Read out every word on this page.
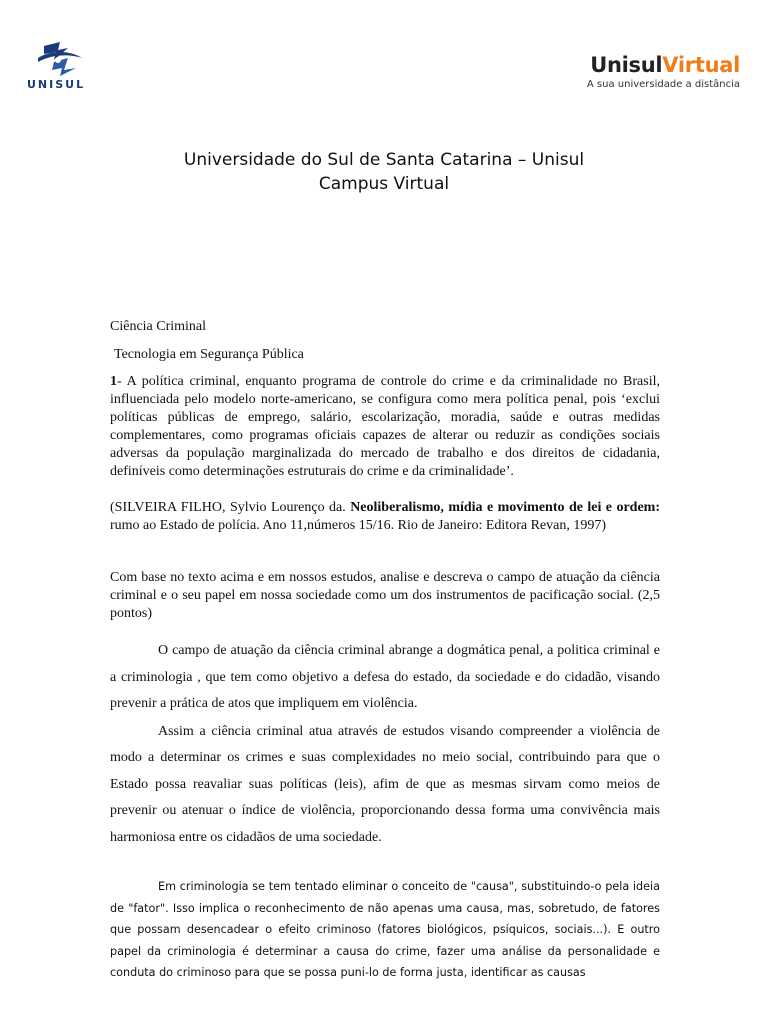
UNISUL
UnisulVirtual
A sua universidade a distância
Universidade do Sul de Santa Catarina – Unisul
Campus Virtual
Ciência Criminal
Tecnologia em Segurança Pública
1- A política criminal, enquanto programa de controle do crime e da criminalidade no Brasil, influenciada pelo modelo norte-americano, se configura como mera política penal, pois ‘exclui políticas públicas de emprego, salário, escolarização, moradia, saúde e outras medidas complementares, como programas oficiais capazes de alterar ou reduzir as condições sociais adversas da população marginalizada do mercado de trabalho e dos direitos de cidadania, definíveis como determinações estruturais do crime e da criminalidade’.
(SILVEIRA FILHO, Sylvio Lourenço da. Neoliberalismo, mídia e movimento de lei e ordem: rumo ao Estado de polícia. Ano 11,números 15/16. Rio de Janeiro: Editora Revan, 1997)
Com base no texto acima e em nossos estudos, analise e descreva o campo de atuação da ciência criminal e o seu papel em nossa sociedade como um dos instrumentos de pacificação social. (2,5 pontos)

O campo de atuação da ciência criminal abrange a dogmática penal, a politica criminal e a criminologia , que tem como objetivo a defesa do estado, da sociedade e do cidadão, visando prevenir a prática de atos que impliquem em violência.

Assim a ciência criminal atua através de estudos visando compreender a violência de modo a determinar os crimes e suas complexidades no meio social, contribuindo para que o Estado possa reavaliar suas políticas (leis), afim de que as mesmas sirvam como meios de prevenir ou atenuar o índice de violência, proporcionando dessa forma uma convivência mais harmoniosa entre os cidadãos de uma sociedade.

Em criminologia se tem tentado eliminar o conceito de "causa", substituindo-o pela ideia de "fator". Isso implica o reconhecimento de não apenas uma causa, mas, sobretudo, de fatores que possam desencadear o efeito criminoso (fatores biológicos, psíquicos, sociais...). E outro papel da criminologia é determinar a causa do crime, fazer uma análise da personalidade e conduta do criminoso para que se possa puni-lo de forma justa, identificar as causas
